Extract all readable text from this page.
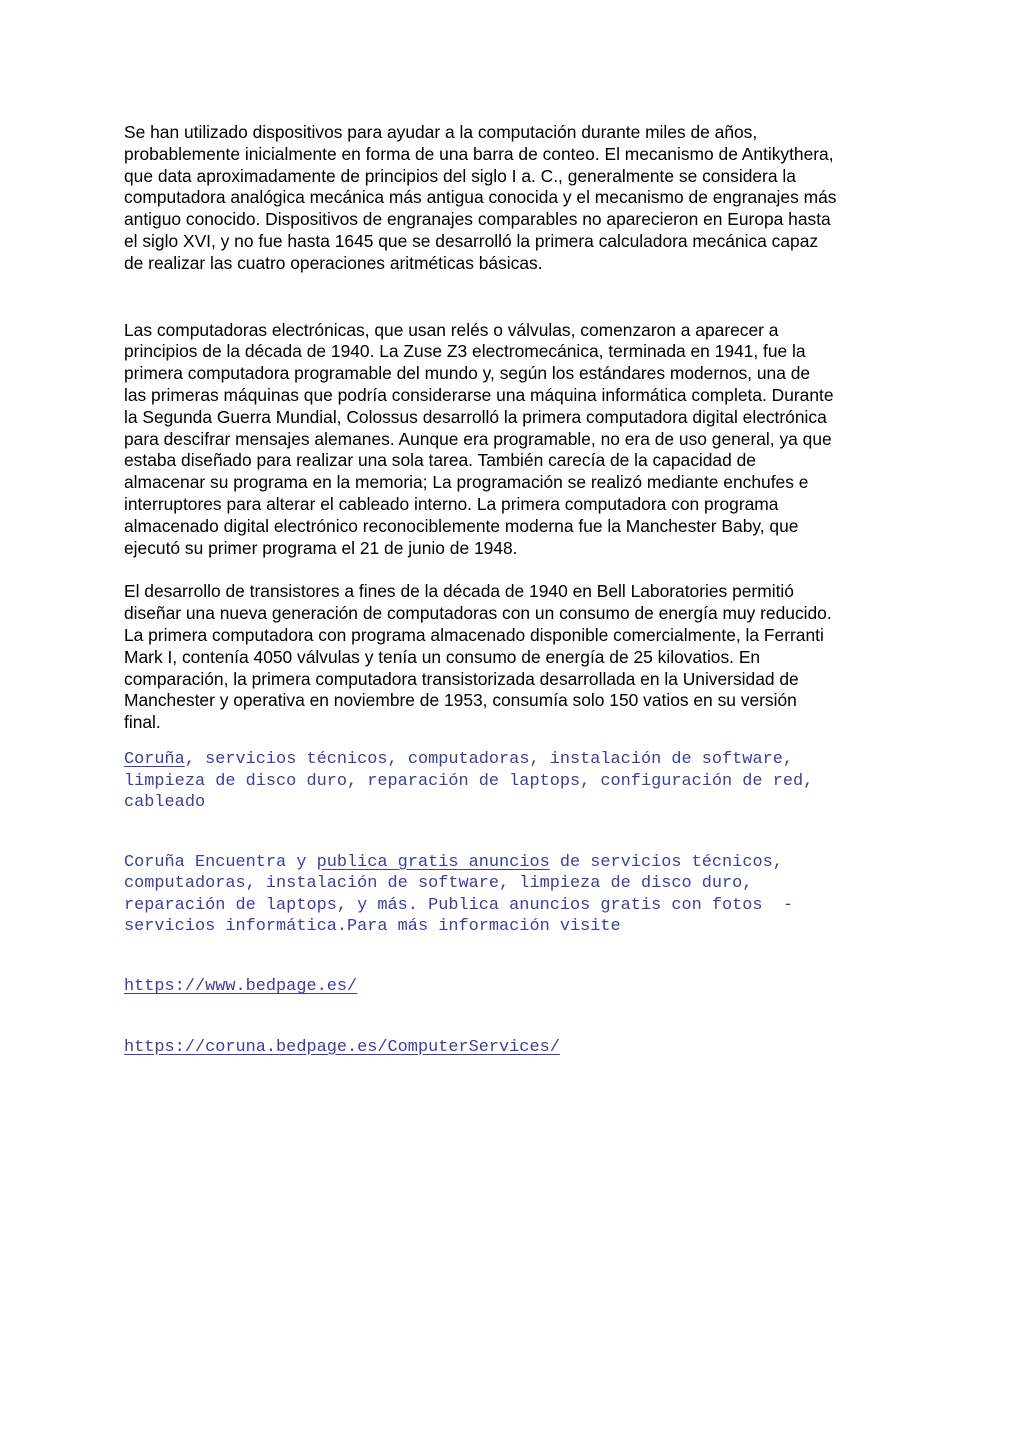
Se han utilizado dispositivos para ayudar a la computación durante miles de años,
probablemente inicialmente en forma de una barra de conteo. El mecanismo de Antikythera,
que data aproximadamente de principios del siglo I a. C., generalmente se considera la
computadora analógica mecánica más antigua conocida y el mecanismo de engranajes más
antiguo conocido. Dispositivos de engranajes comparables no aparecieron en Europa hasta
el siglo XVI, y no fue hasta 1645 que se desarrolló la primera calculadora mecánica capaz
de realizar las cuatro operaciones aritméticas básicas.

Las computadoras electrónicas, que usan relés o válvulas, comenzaron a aparecer a
principios de la década de 1940. La Zuse Z3 electromecánica, terminada en 1941, fue la
primera computadora programable del mundo y, según los estándares modernos, una de
las primeras máquinas que podría considerarse una máquina informática completa. Durante
la Segunda Guerra Mundial, Colossus desarrolló la primera computadora digital electrónica
para descifrar mensajes alemanes. Aunque era programable, no era de uso general, ya que
estaba diseñado para realizar una sola tarea. También carecía de la capacidad de
almacenar su programa en la memoria; La programación se realizó mediante enchufes e
interruptores para alterar el cableado interno. La primera computadora con programa
almacenado digital electrónico reconociblemente moderna fue la Manchester Baby, que
ejecutó su primer programa el 21 de junio de 1948.

El desarrollo de transistores a fines de la década de 1940 en Bell Laboratories permitió
diseñar una nueva generación de computadoras con un consumo de energía muy reducido.
La primera computadora con programa almacenado disponible comercialmente, la Ferranti
Mark I, contenía 4050 válvulas y tenía un consumo de energía de 25 kilovatios. En
comparación, la primera computadora transistorizada desarrollada en la Universidad de
Manchester y operativa en noviembre de 1953, consumía solo 150 vatios en su versión
final.

Coruña, servicios técnicos, computadoras, instalación de software,
limpieza de disco duro, reparación de laptops, configuración de red,
cableado

Coruña Encuentra y publica gratis anuncios de servicios técnicos,
computadoras, instalación de software, limpieza de disco duro,
reparación de laptops, y más. Publica anuncios gratis con fotos  -
servicios informática.Para más información visite

https://www.bedpage.es/

https://coruna.bedpage.es/ComputerServices/
